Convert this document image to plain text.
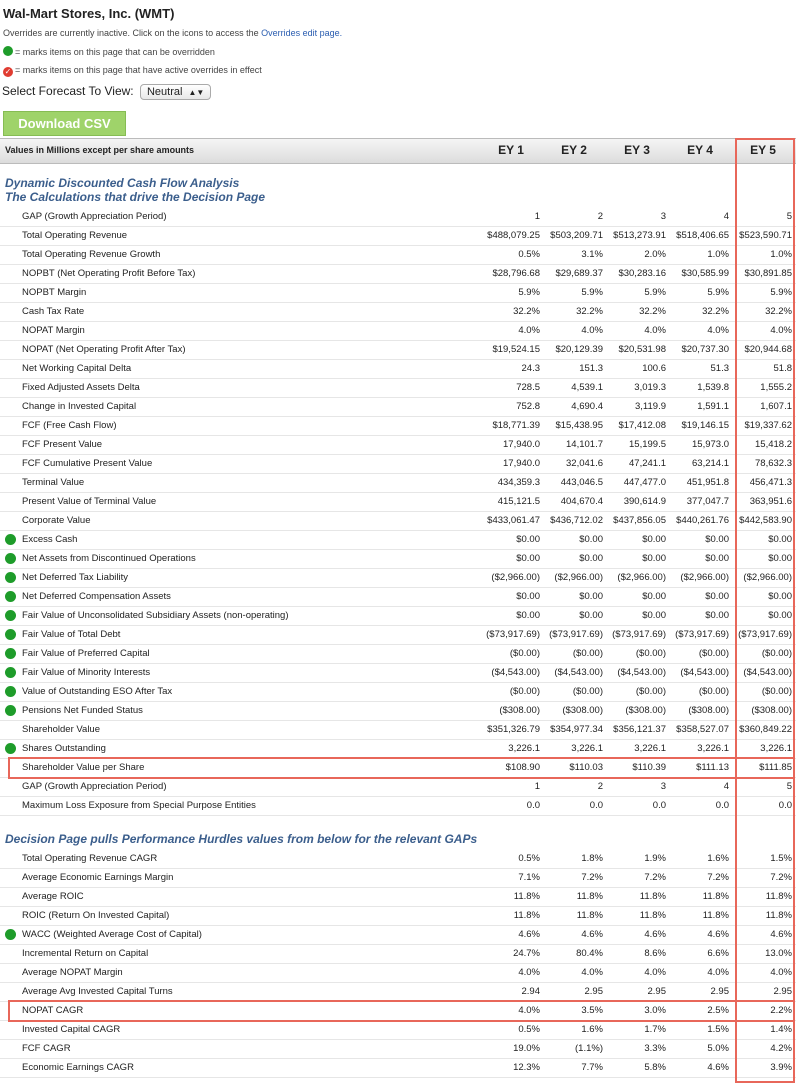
Wal-Mart Stores, Inc. (WMT)
Overrides are currently inactive. Click on the icons to access the Overrides edit page.
= marks items on this page that can be overridden
✓ = marks items on this page that have active overrides in effect
Select Forecast To View: Neutral ▲▼
Download CSV
Values in Millions except per share amounts	EY 1	EY 2	EY 3	EY 4	EY 5
Dynamic Discounted Cash Flow Analysis
The Calculations that drive the Decision Page
GAP (Growth Appreciation Period)	1	2	3	4	5
Total Operating Revenue	$488,079.25	$503,209.71	$513,273.91	$518,406.65	$523,590.71
Total Operating Revenue Growth	0.5%	3.1%	2.0%	1.0%	1.0%
NOPBT (Net Operating Profit Before Tax)	$28,796.68	$29,689.37	$30,283.16	$30,585.99	$30,891.85
NOPBT Margin	5.9%	5.9%	5.9%	5.9%	5.9%
Cash Tax Rate	32.2%	32.2%	32.2%	32.2%	32.2%
NOPAT Margin	4.0%	4.0%	4.0%	4.0%	4.0%
NOPAT (Net Operating Profit After Tax)	$19,524.15	$20,129.39	$20,531.98	$20,737.30	$20,944.68
Net Working Capital Delta	24.3	151.3	100.6	51.3	51.8
Fixed Adjusted Assets Delta	728.5	4,539.1	3,019.3	1,539.8	1,555.2
Change in Invested Capital	752.8	4,690.4	3,119.9	1,591.1	1,607.1
FCF (Free Cash Flow)	$18,771.39	$15,438.95	$17,412.08	$19,146.15	$19,337.62
FCF Present Value	17,940.0	14,101.7	15,199.5	15,973.0	15,418.2
FCF Cumulative Present Value	17,940.0	32,041.6	47,241.1	63,214.1	78,632.3
Terminal Value	434,359.3	443,046.5	447,477.0	451,951.8	456,471.3
Present Value of Terminal Value	415,121.5	404,670.4	390,614.9	377,047.7	363,951.6
Corporate Value	$433,061.47	$436,712.02	$437,856.05	$440,261.76	$442,583.90
Excess Cash	$0.00	$0.00	$0.00	$0.00	$0.00
Net Assets from Discontinued Operations	$0.00	$0.00	$0.00	$0.00	$0.00
Net Deferred Tax Liability	($2,966.00)	($2,966.00)	($2,966.00)	($2,966.00)	($2,966.00)
Net Deferred Compensation Assets	$0.00	$0.00	$0.00	$0.00	$0.00
Fair Value of Unconsolidated Subsidiary Assets (non-operating)	$0.00	$0.00	$0.00	$0.00	$0.00
Fair Value of Total Debt	($73,917.69) ($73,917.69) ($73,917.69) ($73,917.69) ($73,917.69)
Fair Value of Preferred Capital	($0.00)	($0.00)	($0.00)	($0.00)	($0.00)
Fair Value of Minority Interests	($4,543.00)	($4,543.00)	($4,543.00)	($4,543.00)	($4,543.00)
Value of Outstanding ESO After Tax	($0.00)	($0.00)	($0.00)	($0.00)	($0.00)
Pensions Net Funded Status	($308.00)	($308.00)	($308.00)	($308.00)	($308.00)
Shareholder Value	$351,326.79	$354,977.34	$356,121.37	$358,527.07	$360,849.22
Shares Outstanding	3,226.1	3,226.1	3,226.1	3,226.1	3,226.1
Shareholder Value per Share	$108.90	$110.03	$110.39	$111.13	$111.85
GAP (Growth Appreciation Period)	1	2	3	4	5
Maximum Loss Exposure from Special Purpose Entities	0.0	0.0	0.0	0.0	0.0
Decision Page pulls Performance Hurdles values from below for the relevant GAPs
Total Operating Revenue CAGR	0.5%	1.8%	1.9%	1.6%	1.5%
Average Economic Earnings Margin	7.1%	7.2%	7.2%	7.2%	7.2%
Average ROIC	11.8%	11.8%	11.8%	11.8%	11.8%
ROIC (Return On Invested Capital)	11.8%	11.8%	11.8%	11.8%	11.8%
WACC (Weighted Average Cost of Capital)	4.6%	4.6%	4.6%	4.6%	4.6%
Incremental Return on Capital	24.7%	80.4%	8.6%	6.6%	13.0%
Average NOPAT Margin	4.0%	4.0%	4.0%	4.0%	4.0%
Average Avg Invested Capital Turns	2.94	2.95	2.95	2.95	2.95
NOPAT CAGR	4.0%	3.5%	3.0%	2.5%	2.2%
Invested Capital CAGR	0.5%	1.6%	1.7%	1.5%	1.4%
FCF CAGR	19.0%	(1.1%)	3.3%	5.0%	4.2%
Economic Earnings CAGR	12.3%	7.7%	5.8%	4.6%	3.9%
